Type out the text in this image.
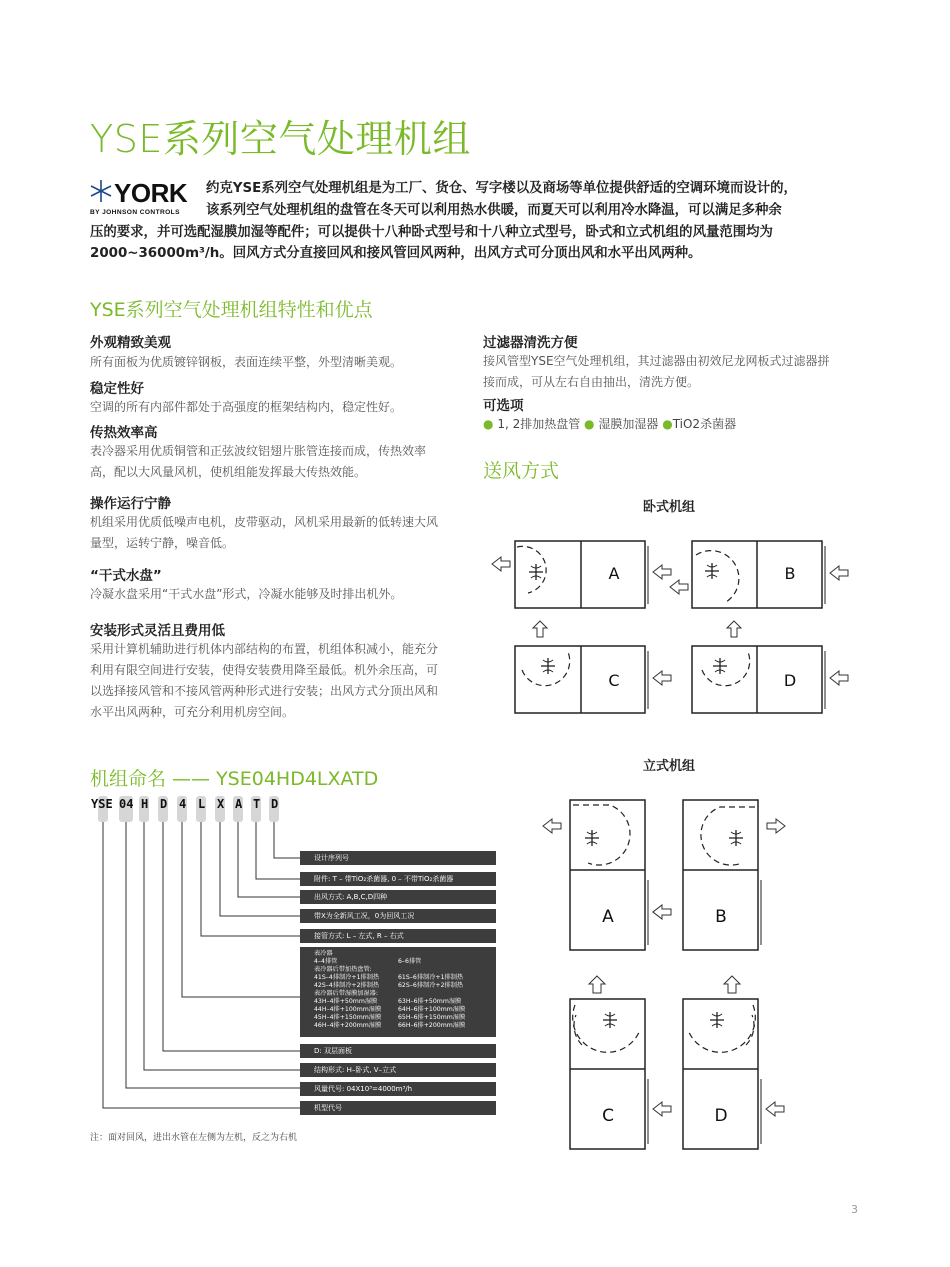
YSE系列空气处理机组
YORK
BY JOHNSON CONTROLS
约克YSE系列空气处理机组是为工厂、货仓、写字楼以及商场等单位提供舒适的空调环境而设计的，
该系列空气处理机组的盘管在冬天可以利用热水供暖，而夏天可以利用冷水降温，可以满足多种余
压的要求，并可选配湿膜加湿等配件；可以提供十八种卧式型号和十八种立式型号，卧式和立式机组的风量范围均为2000~36000m³/h。回风方式分直接回风和接风管回风两种，出风方式可分顶出风和水平出风两种。
YSE系列空气处理机组特性和优点
外观精致美观
所有面板为优质镀锌钢板，表面连续平整，外型清晰美观。
稳定性好
空调的所有内部件都处于高强度的框架结构内，稳定性好。
传热效率高
表冷器采用优质铜管和正弦波纹铝翅片胀管连接而成，传热效率
高，配以大风量风机，使机组能发挥最大传热效能。
操作运行宁静
机组采用优质低噪声电机，皮带驱动，风机采用最新的低转速大风
量型，运转宁静，噪音低。
“干式水盘”
冷凝水盘采用“干式水盘”形式，冷凝水能够及时排出机外。
安装形式灵活且费用低
采用计算机辅助进行机体内部结构的布置，机组体积减小，能充分
利用有限空间进行安装，使得安装费用降至最低。机外余压高，可
以选择接风管和不接风管两种形式进行安装；出风方式分顶出风和
水平出风两种，可充分利用机房空间。
过滤器清洗方便
接风管型YSE空气处理机组，其过滤器由初效尼龙网板式过滤器拼
接而成，可从左右自由抽出，清洗方便。
可选项
● 1, 2排加热盘管 ● 湿膜加湿器 ●TiO2杀菌器
送风方式
卧式机组
立式机组
A	B
C	D
A	B
C	D
机组命名 —— YSE04HD4LXATD
YSE 04 H D 4 L X A T D
设计序列号
附件: T – 带TiO₂杀菌器, 0 – 不带TiO₂杀菌器
出风方式: A,B,C,D四种
带X为全新风工况，0为回风工况
接管方式: L – 左式, R – 右式
表冷器
4–4排管	6–6排管
表冷器后带加热盘管:
41S–4排制冷+1排制热	61S–6排制冷+1排制热
42S–4排制冷+2排制热	62S–6排制冷+2排制热
表冷器后带湿膜加湿器:
43H–4排+50mm湿膜	63H–6排+50mm湿膜
44H–4排+100mm湿膜	64H–6排+100mm湿膜
45H–4排+150mm湿膜	65H–6排+150mm湿膜
46H–4排+200mm湿膜	66H–6排+200mm湿膜
D: 双层面板
结构形式: H–卧式, V–立式
风量代号: 04X10³=4000m³/h
机型代号
注：面对回风，进出水管在左侧为左机，反之为右机
3
